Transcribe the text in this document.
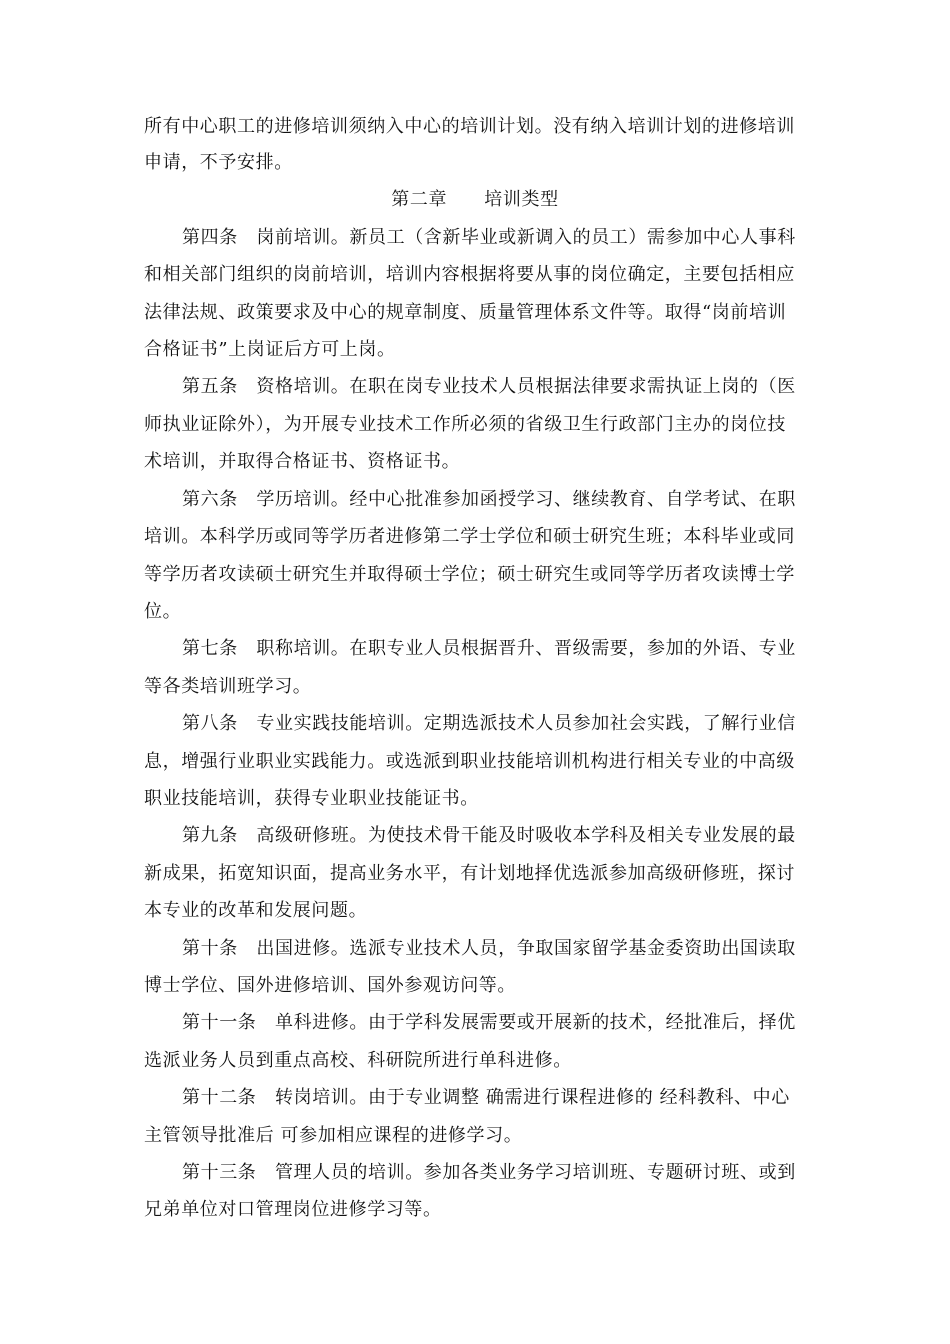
所有中心职工的进修培训须纳入中心的培训计划。没有纳入培训计划的进修培训
申请，不予安排。
第二章　　培训类型
第四条　岗前培训。新员工（含新毕业或新调入的员工）需参加中心人事科
和相关部门组织的岗前培训，培训内容根据将要从事的岗位确定，主要包括相应
法律法规、政策要求及中心的规章制度、质量管理体系文件等。取得“岗前培训
合格证书”上岗证后方可上岗。
第五条　资格培训。在职在岗专业技术人员根据法律要求需执证上岗的（医
师执业证除外），为开展专业技术工作所必须的省级卫生行政部门主办的岗位技
术培训，并取得合格证书、资格证书。
第六条　学历培训。经中心批准参加函授学习、继续教育、自学考试、在职
培训。本科学历或同等学历者进修第二学士学位和硕士研究生班；本科毕业或同
等学历者攻读硕士研究生并取得硕士学位；硕士研究生或同等学历者攻读博士学
位。
第七条　职称培训。在职专业人员根据晋升、晋级需要，参加的外语、专业
等各类培训班学习。
第八条　专业实践技能培训。定期选派技术人员参加社会实践，了解行业信
息，增强行业职业实践能力。或选派到职业技能培训机构进行相关专业的中高级
职业技能培训，获得专业职业技能证书。
第九条　高级研修班。为使技术骨干能及时吸收本学科及相关专业发展的最
新成果，拓宽知识面，提高业务水平，有计划地择优选派参加高级研修班，探讨
本专业的改革和发展问题。
第十条　出国进修。选派专业技术人员，争取国家留学基金委资助出国读取
博士学位、国外进修培训、国外参观访问等。
第十一条　单科进修。由于学科发展需要或开展新的技术，经批准后，择优
选派业务人员到重点高校、科研院所进行单科进修。
第十二条　转岗培训。由于专业调整 确需进行课程进修的 经科教科、中心
主管领导批准后 可参加相应课程的进修学习。
第十三条　管理人员的培训。参加各类业务学习培训班、专题研讨班、或到
兄弟单位对口管理岗位进修学习等。
